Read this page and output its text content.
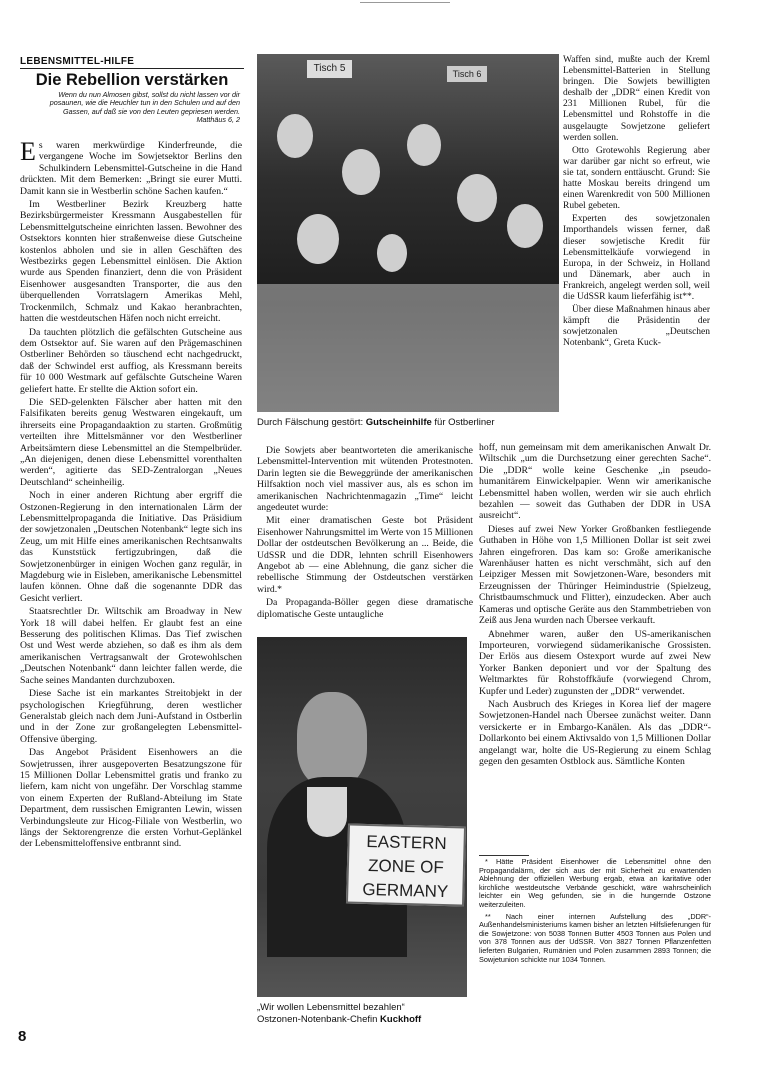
LEBENSMITTEL-HILFE
Die Rebellion verstärken
Wenn du nun Almosen gibst, sollst du nicht lassen vor dir posaunen, wie die Heuchler tun in den Schulen und auf den Gassen, auf daß sie von den Leuten gepriesen werden.
Matthäus 6, 2

Es waren merkwürdige Kinderfreunde, die vergangene Woche im Sowjetsektor Berlins den Schulkindern Lebensmittel-Gutscheine in die Hand drückten. Mit dem Bemerken: „Bringt sie eurer Mutti. Damit kann sie in Westberlin schöne Sachen kaufen.“

Im Westberliner Bezirk Kreuzberg hatte Bezirksbürgermeister Kressmann Ausgabestellen für Lebensmittelgutscheine einrichten lassen. Bewohner des Ostsektors konnten hier straßenweise diese Gutscheine kostenlos abholen und sie in allen Geschäften des Westbezirks gegen Lebensmittel einlösen. Die Aktion wurde aus Spenden finanziert, denn die von Präsident Eisenhower ausgesandten Transporter, die aus den überquellenden Vorratslagern Amerikas Mehl, Trockenmilch, Schmalz und Kakao heranbrachten, hatten die westdeutschen Häfen noch nicht erreicht.

Da tauchten plötzlich die gefälschten Gutscheine aus dem Ostsektor auf. Sie waren auf den Prägemaschinen Ostberliner Behörden so täuschend echt nachgedruckt, daß der Schwindel erst auffiog, als Kressmann bereits für 10 000 Westmark auf gefälschte Gutscheine Waren geliefert hatte. Er stellte die Aktion sofort ein.

Die SED-gelenkten Fälscher aber hatten mit den Falsifikaten bereits genug Westwaren eingekauft, um ihrerseits eine Propagandaaktion zu starten. Großmütig verteilten ihre Mittelsmänner vor den Westberliner Arbeitsämtern diese Lebensmittel an die Stempelbrüder. „An diejenigen, denen diese Lebensmittel vorenthalten werden“, agitierte das SED-Zentralorgan „Neues Deutschland“ scheinheilig.

Noch in einer anderen Richtung aber ergriff die Ostzonen-Regierung in den internationalen Lärm der Lebensmittelpropaganda die Initiative. Das Präsidium der sowjetzonalen „Deutschen Notenbank“ legte sich ins Zeug, um mit Hilfe eines amerikanischen Rechtsanwalts das Kunststück fertigzubringen, daß die Sowjetzonenbürger in einigen Wochen ganz regulär, in Magdeburg wie in Eisleben, amerikanische Lebensmittel laufen können. Ohne daß die sogenannte DDR das Gesicht verliert.

Staatsrechtler Dr. Wiltschik am Broadway in New York 18 will dabei helfen. Er glaubt fest an eine Besserung des politischen Klimas. Das Tief zwischen Ost und West werde abziehen, so daß es ihm als dem amerikanischen Vertragsanwalt der Grotewohlschen „Deutschen Notenbank“ dann leichter fallen werde, die Sache seines Mandanten durchzuboxen.

Diese Sache ist ein markantes Streitobjekt in der psychologischen Kriegführung, deren westlicher Generalstab gleich nach dem Juni-Aufstand in Ostberlin und in der Zone zur großangelegten Lebensmittel-Offensive überging.

Das Angebot Präsident Eisenhowers an die Sowjetrussen, ihrer ausgepoverten Besatzungszone für 15 Millionen Dollar Lebensmittel gratis und franko zu liefern, kam nicht von ungefähr. Der Vorschlag stamme von einem Experten der Rußland-Abteilung im State Department, dem russischen Emigranten Lewin, wissen Verbindungsleute zur Hicog-Filiale von Westberlin, wo längs der Sektorengrenze die ersten Vorhut-Geplänkel der Lebensmitteloffensive entbrannt sind.

Tisch 5	Tisch 6
Durch Fälschung gestört: Gutscheinhilfe für Ostberliner

Die Sowjets aber beantworteten die amerikanische Lebensmittel-Intervention mit wütenden Protestnoten. Darin legten sie die Beweggründe der amerikanischen Hilfsaktion noch viel massiver aus, als es schon im amerikanischen Nachrichtenmagazin „Time“ leicht angedeutet wurde:

Mit einer dramatischen Geste bot Präsident Eisenhower Nahrungsmittel im Werte von 15 Millionen Dollar der ostdeutschen Bevölkerung an ... Beide, die UdSSR und die DDR, lehnten schrill Eisenhowers Angebot ab — eine Ablehnung, die ganz sicher die rebellische Stimmung der Ostdeutschen verstärken wird.*

Da Propaganda-Böller gegen diese dramatische diplomatische Geste untaugliche

EASTERN ZONE OF GERMANY
„Wir wollen Lebensmittel bezahlen“
Ostzonen-Notenbank-Chefin Kuckhoff

Waffen sind, mußte auch der Kreml Lebensmittel-Batterien in Stellung bringen. Die Sowjets bewilligten deshalb der „DDR“ einen Kredit von 231 Millionen Rubel, für die Lebensmittel und Rohstoffe in die ausgelaugte Sowjetzone geliefert werden sollen.

Otto Grotewohls Regierung aber war darüber gar nicht so erfreut, wie sie tat, sondern enttäuscht. Grund: Sie hatte Moskau bereits dringend um einen Warenkredit von 500 Millionen Rubel gebeten.

Experten des sowjetzonalen Importhandels wissen ferner, daß dieser sowjetische Kredit für Lebensmittelkäufe vorwiegend in Europa, in der Schweiz, in Holland und Dänemark, aber auch in Frankreich, angelegt werden soll, weil die UdSSR kaum lieferfähig ist**.

Über diese Maßnahmen hinaus aber kämpft die Präsidentin der sowjetzonalen „Deutschen Notenbank“, Greta Kuck-

hoff, nun gemeinsam mit dem amerikanischen Anwalt Dr. Wiltschik „um die Durchsetzung einer gerechten Sache“. Die „DDR“ wolle keine Geschenke „in pseudo-humanitärem Einwickelpapier. Wenn wir amerikanische Lebensmittel haben wollen, werden wir sie auch ehrlich bezahlen — soweit das Guthaben der DDR in USA ausreicht“.

Dieses auf zwei New Yorker Großbanken festliegende Guthaben in Höhe von 1,5 Millionen Dollar ist seit zwei Jahren eingefroren. Das kam so: Große amerikanische Warenhäuser hatten es nicht verschmäht, sich auf den Leipziger Messen mit Sowjetzonen-Ware, besonders mit Erzeugnissen der Thüringer Heimindustrie (Spielzeug, Christbaumschmuck und Flitter), einzudecken. Aber auch Kameras und optische Geräte aus den Stammbetrieben von Zeiß aus Jena wurden nach Übersee verkauft.

Abnehmer waren, außer den US-amerikanischen Importeuren, vorwiegend südamerikanische Grossisten. Der Erlös aus diesem Ostexport wurde auf zwei New Yorker Banken deponiert und vor der Spaltung des Weltmarktes für Rohstoffkäufe (vorwiegend Chrom, Kupfer und Leder) zugunsten der „DDR“ verwendet.

Nach Ausbruch des Krieges in Korea lief der magere Sowjetzonen-Handel nach Übersee zunächst weiter. Dann versickerte er in Embargo-Kanälen. Als das „DDR“-Dollarkonto bei einem Aktivsaldo von 1,5 Millionen Dollar angelangt war, holte die US-Regierung zu einem Schlag gegen den gesamten Ostblock aus. Sämtliche Konten

* Hätte Präsident Eisenhower die Lebensmittel ohne den Propagandalärm, der sich aus der mit Sicherheit zu erwartenden Ablehnung der offiziellen Werbung ergab, etwa an karitative oder kirchliche westdeutsche Verbände geschickt, wäre wahrscheinlich leichter ein Weg gefunden, sie in die hungernde Ostzone weiterzuleiten.

** Nach einer internen Aufstellung des „DDR“-Außenhandelsministeriums kamen bisher an letzten Hilfslieferungen für die Sowjetzone: von 5038 Tonnen Butter 4503 Tonnen aus Polen und von 378 Tonnen aus der UdSSR. Von 3827 Tonnen Pflanzenfetten lieferten Bulgarien, Rumänien und Polen zusammen 2893 Tonnen; die Sowjetunion schickte nur 1034 Tonnen.

8
